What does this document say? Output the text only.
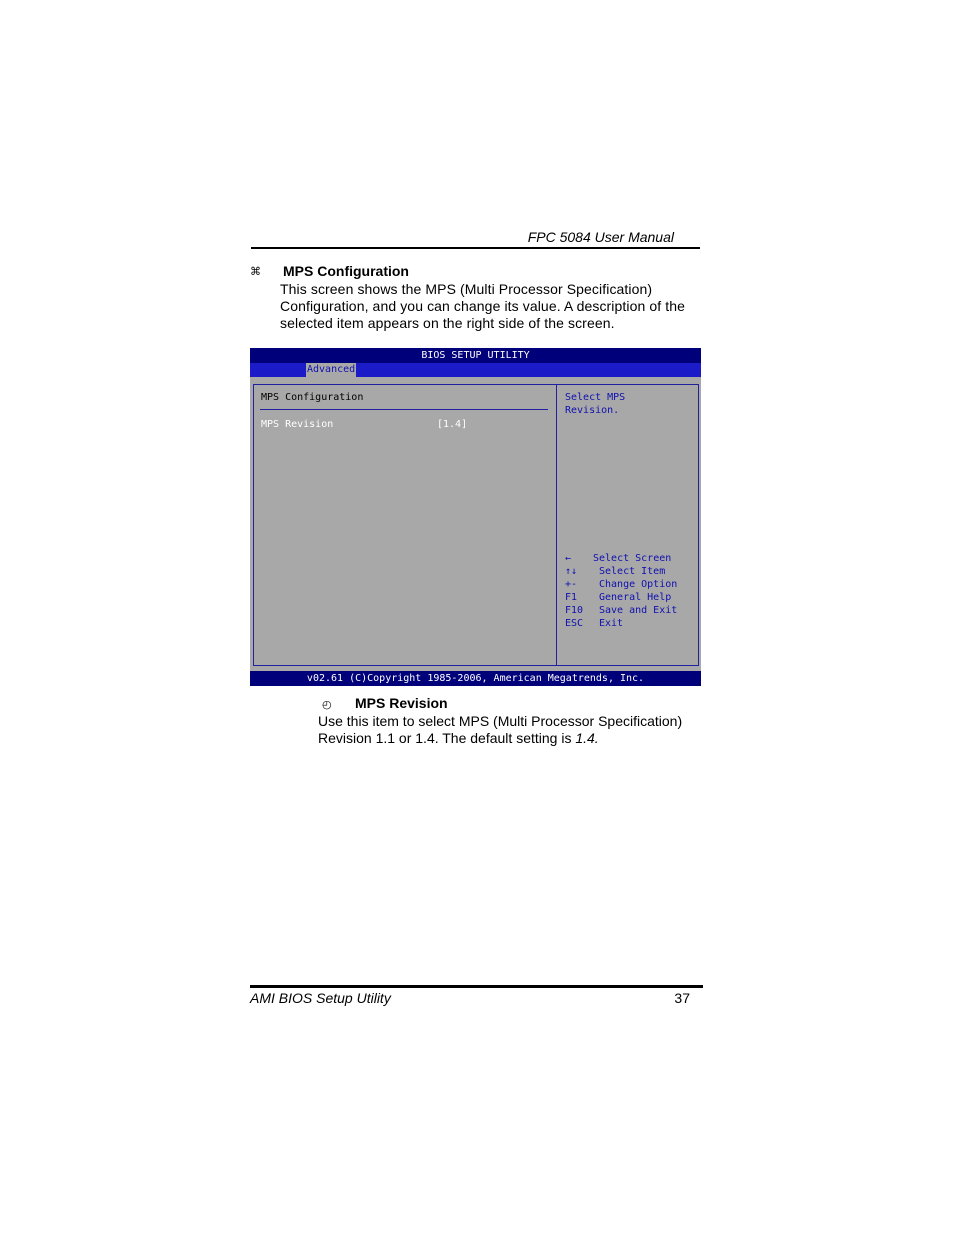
FPC 5084 User Manual
⌘ MPS Configuration
This screen shows the MPS (Multi Processor Specification)
Configuration, and you can change its value. A description of the
selected item appears on the right side of the screen.
BIOS SETUP UTILITY
Advanced
MPS Configuration
MPS Revision	[1.4]
Select MPS
Revision.
← Select Screen
↑↓ Select Item
+- Change Option
F1 General Help
F10 Save and Exit
ESC Exit
v02.61 (C)Copyright 1985-2006, American Megatrends, Inc.
◴ MPS Revision
Use this item to select MPS (Multi Processor Specification)
Revision 1.1 or 1.4. The default setting is 1.4.
AMI BIOS Setup Utility	37
